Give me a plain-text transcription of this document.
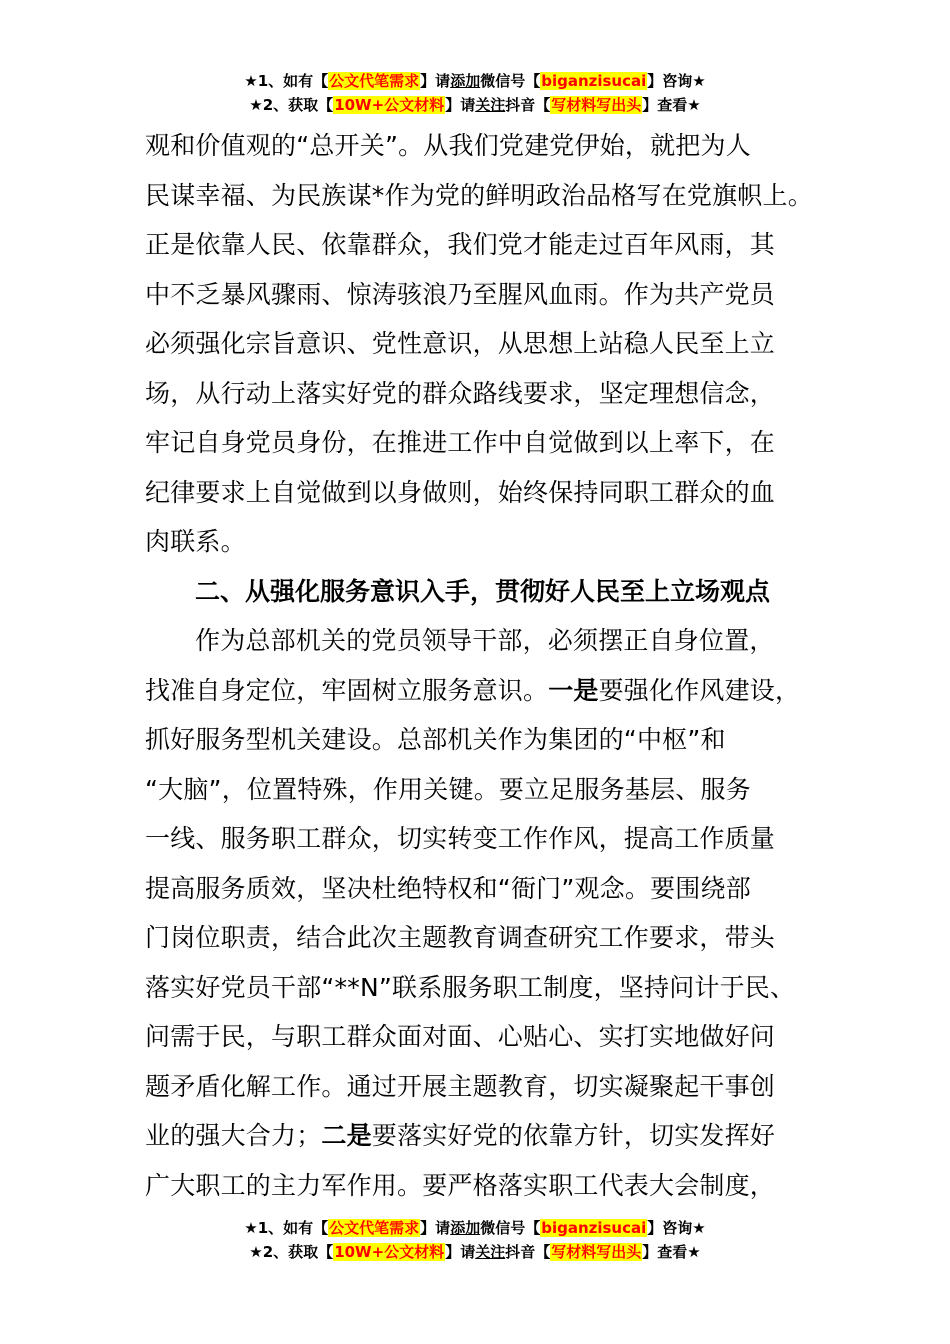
★1、如有【公文代笔需求】请添加微信号【biganzisucai】咨询★
★2、获取【10W+公文材料】请关注抖音【写材料写出头】查看★
观和价值观的“总开关”。从我们党建党伊始，就把为人
民谋幸福、为民族谋*作为党的鲜明政治品格写在党旗帜上。
正是依靠人民、依靠群众，我们党才能走过百年风雨，其
中不乏暴风骤雨、惊涛骇浪乃至腥风血雨。作为共产党员
必须强化宗旨意识、党性意识，从思想上站稳人民至上立
场，从行动上落实好党的群众路线要求，坚定理想信念，
牢记自身党员身份，在推进工作中自觉做到以上率下，在
纪律要求上自觉做到以身做则，始终保持同职工群众的血
肉联系。
二、从强化服务意识入手，贯彻好人民至上立场观点
作为总部机关的党员领导干部，必须摆正自身位置，
找准自身定位，牢固树立服务意识。一是要强化作风建设，
抓好服务型机关建设。总部机关作为集团的“中枢”和
“大脑”，位置特殊，作用关键。要立足服务基层、服务
一线、服务职工群众，切实转变工作作风，提高工作质量
提高服务质效，坚决杜绝特权和“衙门”观念。要围绕部
门岗位职责，结合此次主题教育调查研究工作要求，带头
落实好党员干部“**N”联系服务职工制度，坚持问计于民、
问需于民，与职工群众面对面、心贴心、实打实地做好问
题矛盾化解工作。通过开展主题教育，切实凝聚起干事创
业的强大合力；二是要落实好党的依靠方针，切实发挥好
广大职工的主力军作用。要严格落实职工代表大会制度，
★1、如有【公文代笔需求】请添加微信号【biganzisucai】咨询★
★2、获取【10W+公文材料】请关注抖音【写材料写出头】查看★
